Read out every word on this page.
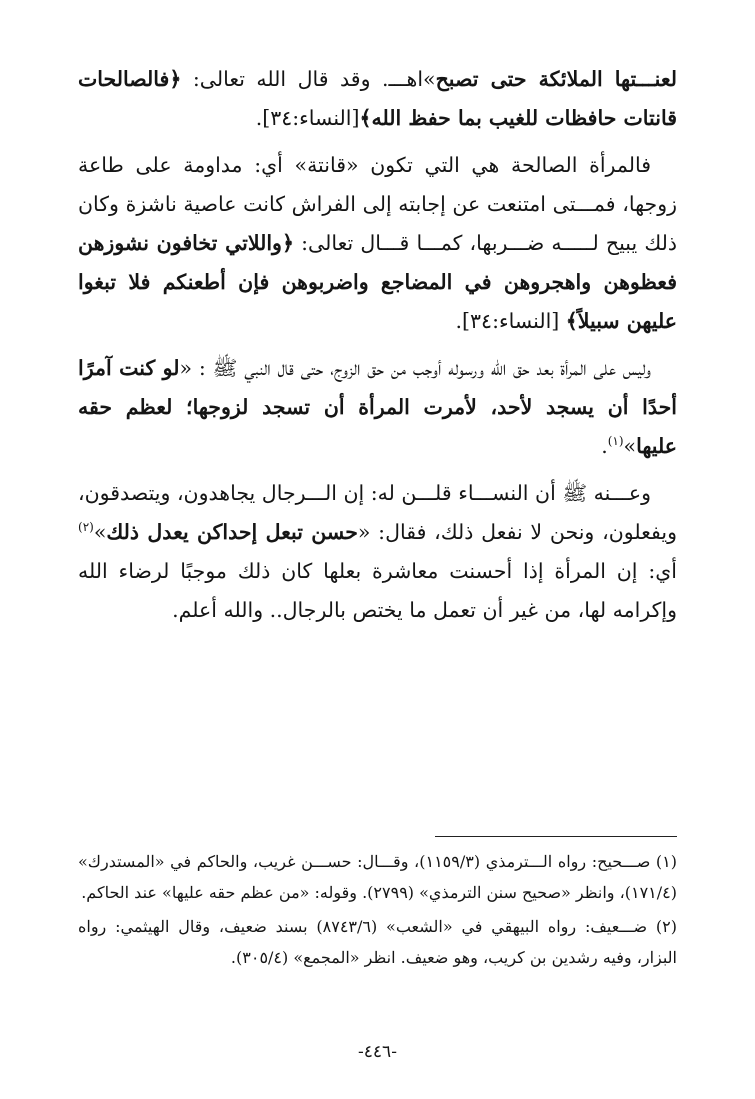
لعنـــتها الملائكة حتى تصبح»اهـــ. وقد قال الله تعالى: ﴿فالصالحات قانتات حافظات للغيب بما حفظ الله﴾[النساء:٣٤].

فالمرأة الصالحة هي التي تكون «قانتة» أي: مداومة على طاعة زوجها، فمـــتى امتنعت عن إجابته إلى الفراش كانت عاصية ناشزة وكان ذلك يبيح لـــــه ضـــربها، كمـــا قـــال تعالى: ﴿واللاتي تخافون نشوزهن فعظوهن واهجروهن في المضاجع واضربوهن فإن أطعنكم فلا تبغوا عليهن سبيلاً﴾ [النساء:٣٤].

وليس على المرأة بعد حق الله ورسوله أوجب من حق الزوج، حتى قال النبي ﷺ : «لو كنت آمرًا أحدًا أن يسجد لأحد، لأمرت المرأة أن تسجد لزوجها؛ لعظم حقه عليها»$^{(١)}$.

وعـــنه ﷺ أن النســـاء قلـــن له: إن الـــرجال يجاهدون، ويتصدقون، ويفعلون، ونحن لا نفعل ذلك، فقال: «حسن تبعل إحداكن يعدل ذلك»$^{(٢)}$ أي: إن المرأة إذا أحسنت معاشرة بعلها كان ذلك موجبًا لرضاء الله وإكرامه لها، من غير أن تعمل ما يختص بالرجال.. والله أعلم.

(١) صـــحيح: رواه الـــترمذي (١١٥٩/٣)، وقـــال: حســـن غريب، والحاكم في «المستدرك» (١٧١/٤)، وانظر «صحيح سنن الترمذي» (٢٧٩٩). وقوله: «من عظم حقه عليها» عند الحاكم.

(٢) ضـــعيف: رواه البيهقي في «الشعب» (٨٧٤٣/٦) بسند ضعيف، وقال الهيثمي: رواه البزار، وفيه رشدين بن كريب، وهو ضعيف. انظر «المجمع» (٣٠٥/٤).

-٤٤٦-
